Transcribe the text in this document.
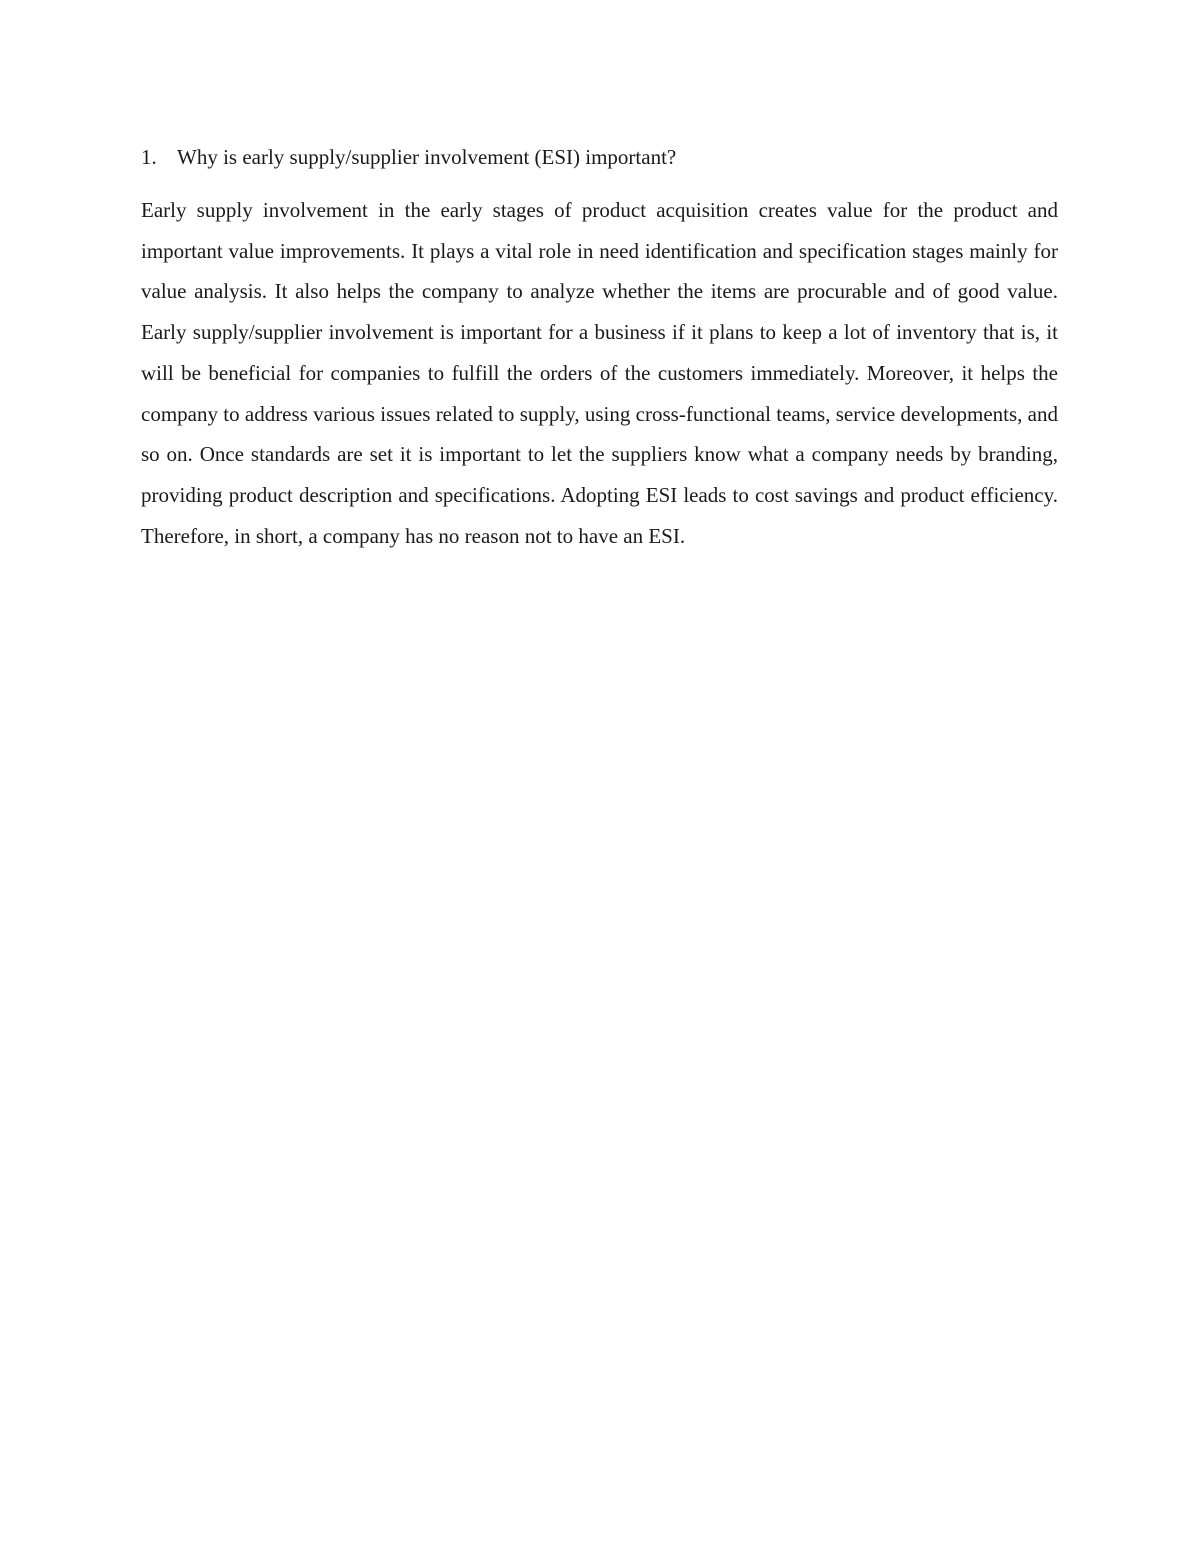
1. Why is early supply/supplier involvement (ESI) important?

Early supply involvement in the early stages of product acquisition creates value for the product and important value improvements. It plays a vital role in need identification and specification stages mainly for value analysis. It also helps the company to analyze whether the items are procurable and of good value. Early supply/supplier involvement is important for a business if it plans to keep a lot of inventory that is, it will be beneficial for companies to fulfill the orders of the customers immediately. Moreover, it helps the company to address various issues related to supply, using cross-functional teams, service developments, and so on. Once standards are set it is important to let the suppliers know what a company needs by branding, providing product description and specifications. Adopting ESI leads to cost savings and product efficiency. Therefore, in short, a company has no reason not to have an ESI.
